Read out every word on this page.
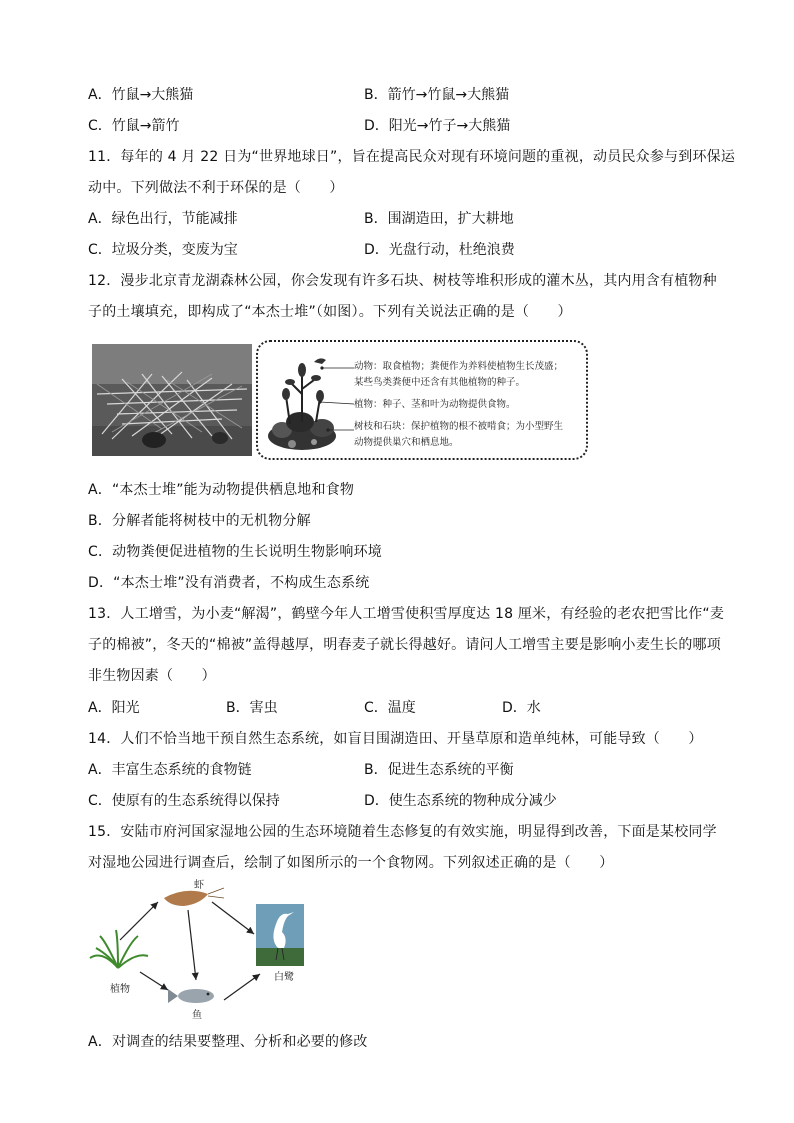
A．竹鼠→大熊猫	B．箭竹→竹鼠→大熊猫
C．竹鼠→箭竹	D．阳光→竹子→大熊猫
11．每年的 4 月 22 日为“世界地球日”，旨在提高民众对现有环境问题的重视，动员民众参与到环保运
动中。下列做法不利于环保的是（　　）
A．绿色出行，节能减排	B．围湖造田，扩大耕地
C．垃圾分类，变废为宝	D．光盘行动，杜绝浪费
12．漫步北京青龙湖森林公园，你会发现有许多石块、树枝等堆积形成的灌木丛，其内用含有植物种
子的土壤填充，即构成了“本杰士堆”（如图）。下列有关说法正确的是（　　）
动物：取食植物；粪便作为养料使植物生长茂盛；
某些鸟类粪便中还含有其他植物的种子。
植物：种子、茎和叶为动物提供食物。
树枝和石块：保护植物的根不被啃食；为小型野生
动物提供巢穴和栖息地。
A．“本杰士堆”能为动物提供栖息地和食物
B．分解者能将树枝中的无机物分解
C．动物粪便促进植物的生长说明生物影响环境
D．“本杰士堆”没有消费者，不构成生态系统
13．人工增雪，为小麦“解渴”，鹤壁今年人工增雪使积雪厚度达 18 厘米，有经验的老农把雪比作“麦
子的棉被”，冬天的“棉被”盖得越厚，明春麦子就长得越好。请问人工增雪主要是影响小麦生长的哪项
非生物因素（　　）
A．阳光	B．害虫	C．温度	D．水
14．人们不恰当地干预自然生态系统，如盲目围湖造田、开垦草原和造单纯林，可能导致（　　）
A．丰富生态系统的食物链	B．促进生态系统的平衡
C．使原有的生态系统得以保持	D．使生态系统的物种成分减少
15．安陆市府河国家湿地公园的生态环境随着生态修复的有效实施，明显得到改善，下面是某校同学
对湿地公园进行调查后，绘制了如图所示的一个食物网。下列叙述正确的是（　　）
虾
植物
鱼
白鹭
A．对调查的结果要整理、分析和必要的修改
